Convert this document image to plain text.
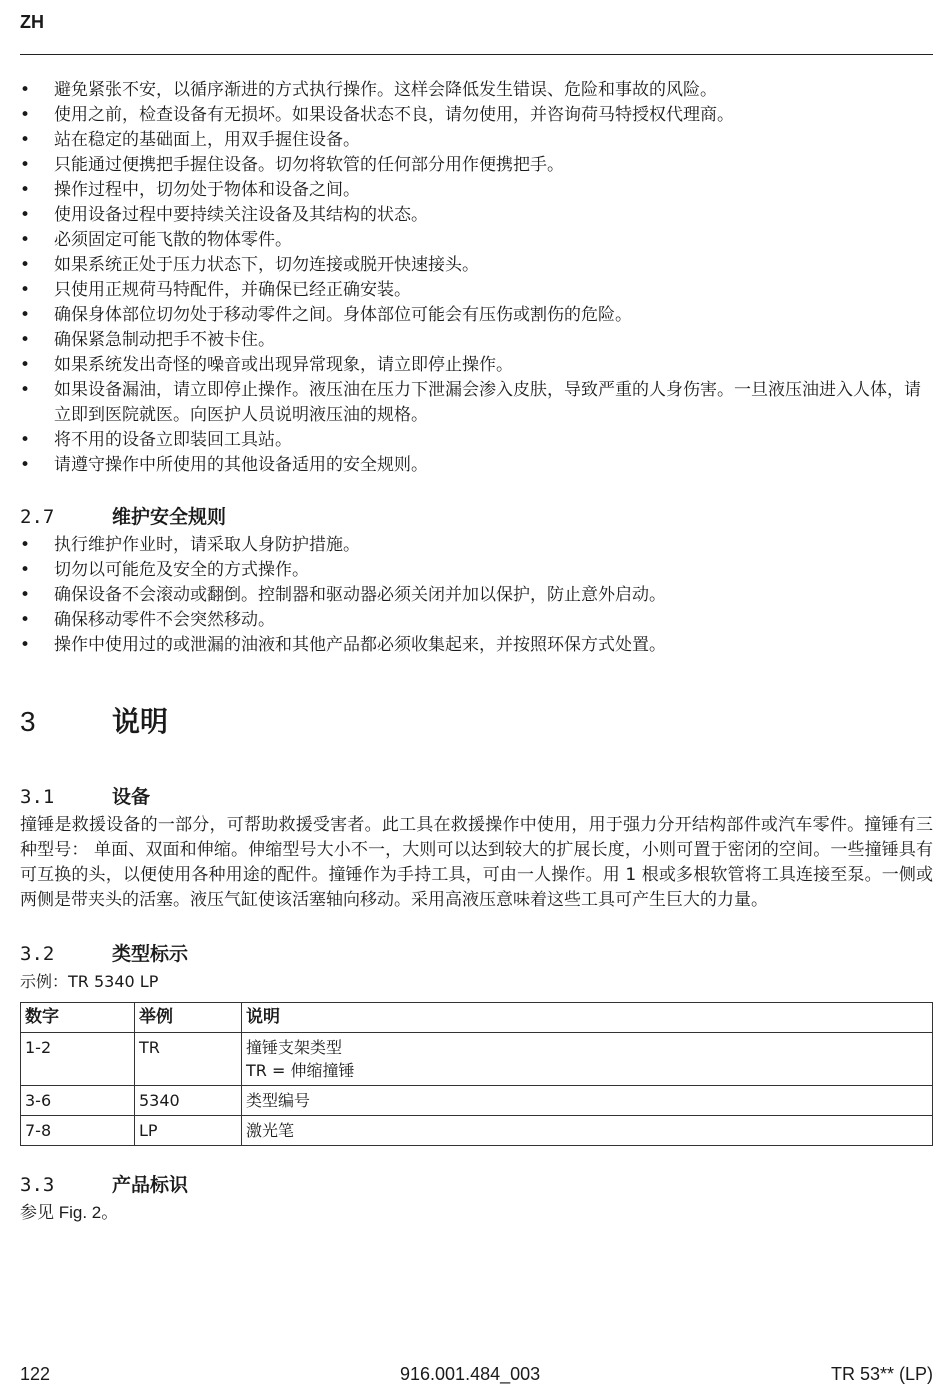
ZH
• 避免紧张不安，以循序渐进的方式执行操作。这样会降低发生错误、危险和事故的风险。
• 使用之前，检查设备有无损坏。如果设备状态不良，请勿使用，并咨询荷马特授权代理商。
• 站在稳定的基础面上，用双手握住设备。
• 只能通过便携把手握住设备。切勿将软管的任何部分用作便携把手。
• 操作过程中，切勿处于物体和设备之间。
• 使用设备过程中要持续关注设备及其结构的状态。
• 必须固定可能飞散的物体零件。
• 如果系统正处于压力状态下，切勿连接或脱开快速接头。
• 只使用正规荷马特配件，并确保已经正确安装。
• 确保身体部位切勿处于移动零件之间。身体部位可能会有压伤或割伤的危险。
• 确保紧急制动把手不被卡住。
• 如果系统发出奇怪的噪音或出现异常现象，请立即停止操作。
• 如果设备漏油，请立即停止操作。液压油在压力下泄漏会渗入皮肤，导致严重的人身伤害。一旦液压油进入人体，请立即到医院就医。向医护人员说明液压油的规格。
• 将不用的设备立即装回工具站。
• 请遵守操作中所使用的其他设备适用的安全规则。
2.7	维护安全规则
• 执行维护作业时，请采取人身防护措施。
• 切勿以可能危及安全的方式操作。
• 确保设备不会滚动或翻倒。控制器和驱动器必须关闭并加以保护，防止意外启动。
• 确保移动零件不会突然移动。
• 操作中使用过的或泄漏的油液和其他产品都必须收集起来，并按照环保方式处置。
3	说明
3.1	设备

撞锤是救援设备的一部分，可帮助救援受害者。此工具在救援操作中使用，用于强力分开结构部件或汽车零件。撞锤有三种型号： 单面、双面和伸缩。伸缩型号大小不一，大则可以达到较大的扩展长度，小则可置于密闭的空间。一些撞锤具有可互换的头，以便使用各种用途的配件。撞锤作为手持工具，可由一人操作。用 1 根或多根软管将工具连接至泵。一侧或两侧是带夹头的活塞。液压气缸使该活塞轴向移动。采用高液压意味着这些工具可产生巨大的力量。

3.2	类型标示
示例：TR 5340 LP
数字	举例	说明
1-2	TR	撞锤支架类型
TR = 伸缩撞锤

3-6	5340	类型编号
7-8	LP	激光笔
3.3	产品标识
参见 Fig. 2。
122	916.001.484_003	TR 53** (LP)
